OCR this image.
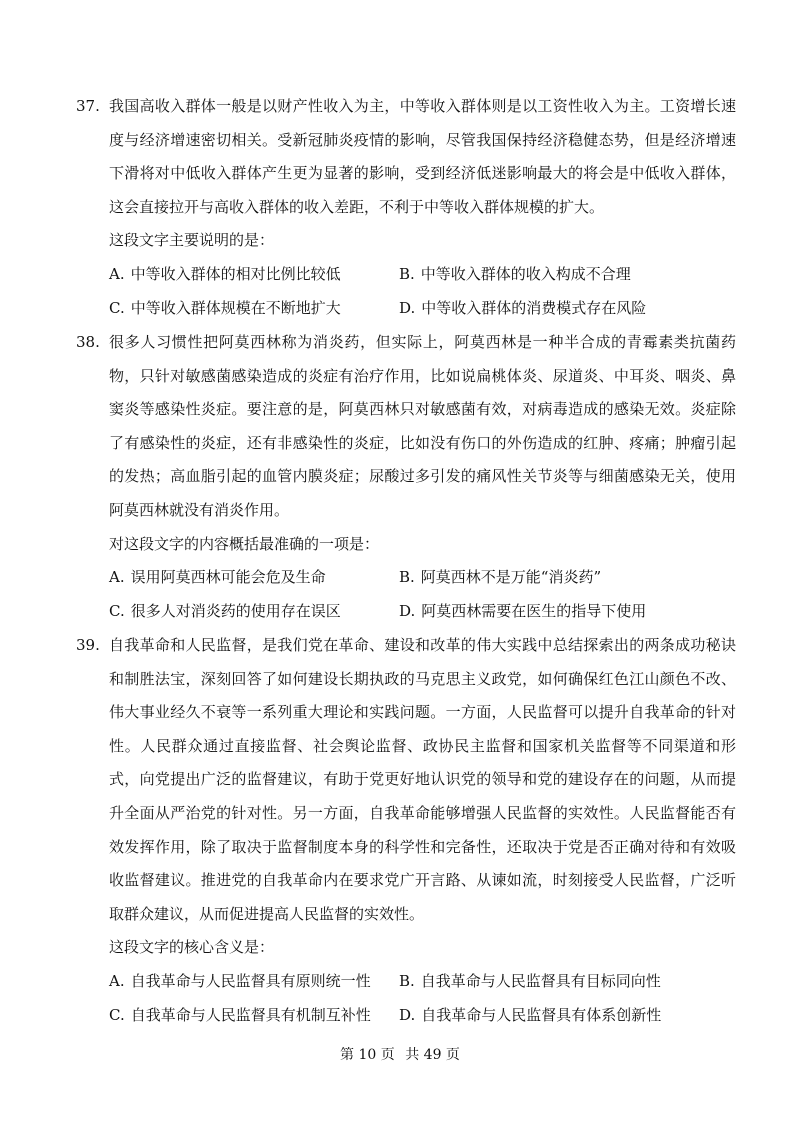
37. 我国高收入群体一般是以财产性收入为主，中等收入群体则是以工资性收入为主。工资增长速度与经济增速密切相关。受新冠肺炎疫情的影响，尽管我国保持经济稳健态势，但是经济增速下滑将对中低收入群体产生更为显著的影响，受到经济低迷影响最大的将会是中低收入群体，这会直接拉开与高收入群体的收入差距，不利于中等收入群体规模的扩大。
这段文字主要说明的是：
A. 中等收入群体的相对比例比较低	B. 中等收入群体的收入构成不合理
C. 中等收入群体规模在不断地扩大	D. 中等收入群体的消费模式存在风险
38. 很多人习惯性把阿莫西林称为消炎药，但实际上，阿莫西林是一种半合成的青霉素类抗菌药物，只针对敏感菌感染造成的炎症有治疗作用，比如说扁桃体炎、尿道炎、中耳炎、咽炎、鼻窦炎等感染性炎症。要注意的是，阿莫西林只对敏感菌有效，对病毒造成的感染无效。炎症除了有感染性的炎症，还有非感染性的炎症，比如没有伤口的外伤造成的红肿、疼痛；肿瘤引起的发热；高血脂引起的血管内膜炎症；尿酸过多引发的痛风性关节炎等与细菌感染无关，使用阿莫西林就没有消炎作用。
对这段文字的内容概括最准确的一项是：
A. 误用阿莫西林可能会危及生命	B. 阿莫西林不是万能“消炎药”
C. 很多人对消炎药的使用存在误区	D. 阿莫西林需要在医生的指导下使用
39. 自我革命和人民监督，是我们党在革命、建设和改革的伟大实践中总结探索出的两条成功秘诀和制胜法宝，深刻回答了如何建设长期执政的马克思主义政党，如何确保红色江山颜色不改、伟大事业经久不衰等一系列重大理论和实践问题。一方面，人民监督可以提升自我革命的针对性。人民群众通过直接监督、社会舆论监督、政协民主监督和国家机关监督等不同渠道和形式，向党提出广泛的监督建议，有助于党更好地认识党的领导和党的建设存在的问题，从而提升全面从严治党的针对性。另一方面，自我革命能够增强人民监督的实效性。人民监督能否有效发挥作用，除了取决于监督制度本身的科学性和完备性，还取决于党是否正确对待和有效吸收监督建议。推进党的自我革命内在要求党广开言路、从谏如流，时刻接受人民监督，广泛听取群众建议，从而促进提高人民监督的实效性。
这段文字的核心含义是：
A. 自我革命与人民监督具有原则统一性	B. 自我革命与人民监督具有目标同向性
C. 自我革命与人民监督具有机制互补性	D. 自我革命与人民监督具有体系创新性
第 10 页 共 49 页
